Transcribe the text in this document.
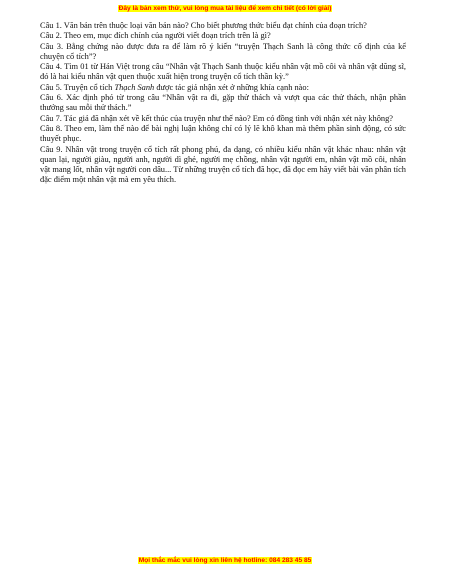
Đây là bản xem thử, vui lòng mua tài liệu để xem chi tiết (có lời giải)

Câu 1. Văn bản trên thuộc loại văn bản nào? Cho biết phương thức biểu đạt chính của đoạn trích?

Câu 2. Theo em, mục đích chính của người viết đoạn trích trên là gì?

Câu 3. Bằng chứng nào được đưa ra để làm rõ ý kiến “truyện Thạch Sanh là công thức cố định của kể chuyện cổ tích”?

Câu 4. Tìm 01 từ Hán Việt trong câu “Nhân vật Thạch Sanh thuộc kiểu nhân vật mồ côi và nhân vật dũng sĩ, đó là hai kiểu nhân vật quen thuộc xuất hiện trong truyện cổ tích thần kỳ.”

Câu 5. Truyện cổ tích Thạch Sanh được tác giả nhận xét ở những khía cạnh nào:

Câu 6. Xác định phó từ trong câu “Nhân vật ra đi, gặp thử thách và vượt qua các thử thách, nhận phần thưởng sau mỗi thử thách.”

Câu 7. Tác giả đã nhận xét về kết thúc của truyện như thế nào? Em có đồng tình với nhận xét này không?

Câu 8. Theo em, làm thế nào để bài nghị luận không chỉ có lý lẽ khô khan mà thêm phần sinh động, có sức thuyết phục.

Câu 9. Nhân vật trong truyện cổ tích rất phong phú, đa dạng, có nhiều kiểu nhân vật khác nhau: nhân vật quan lại, người giàu, người anh, người dì ghẻ, người mẹ chồng, nhân vật người em, nhân vật mồ côi, nhân vật mang lốt, nhân vật người con dâu... Từ những truyện cổ tích đã học, đã đọc em hãy viết bài văn phân tích đặc điểm một nhân vật mà em yêu thích.

Mọi thắc mắc vui lòng xin liên hệ hotline: 084 283 45 85
